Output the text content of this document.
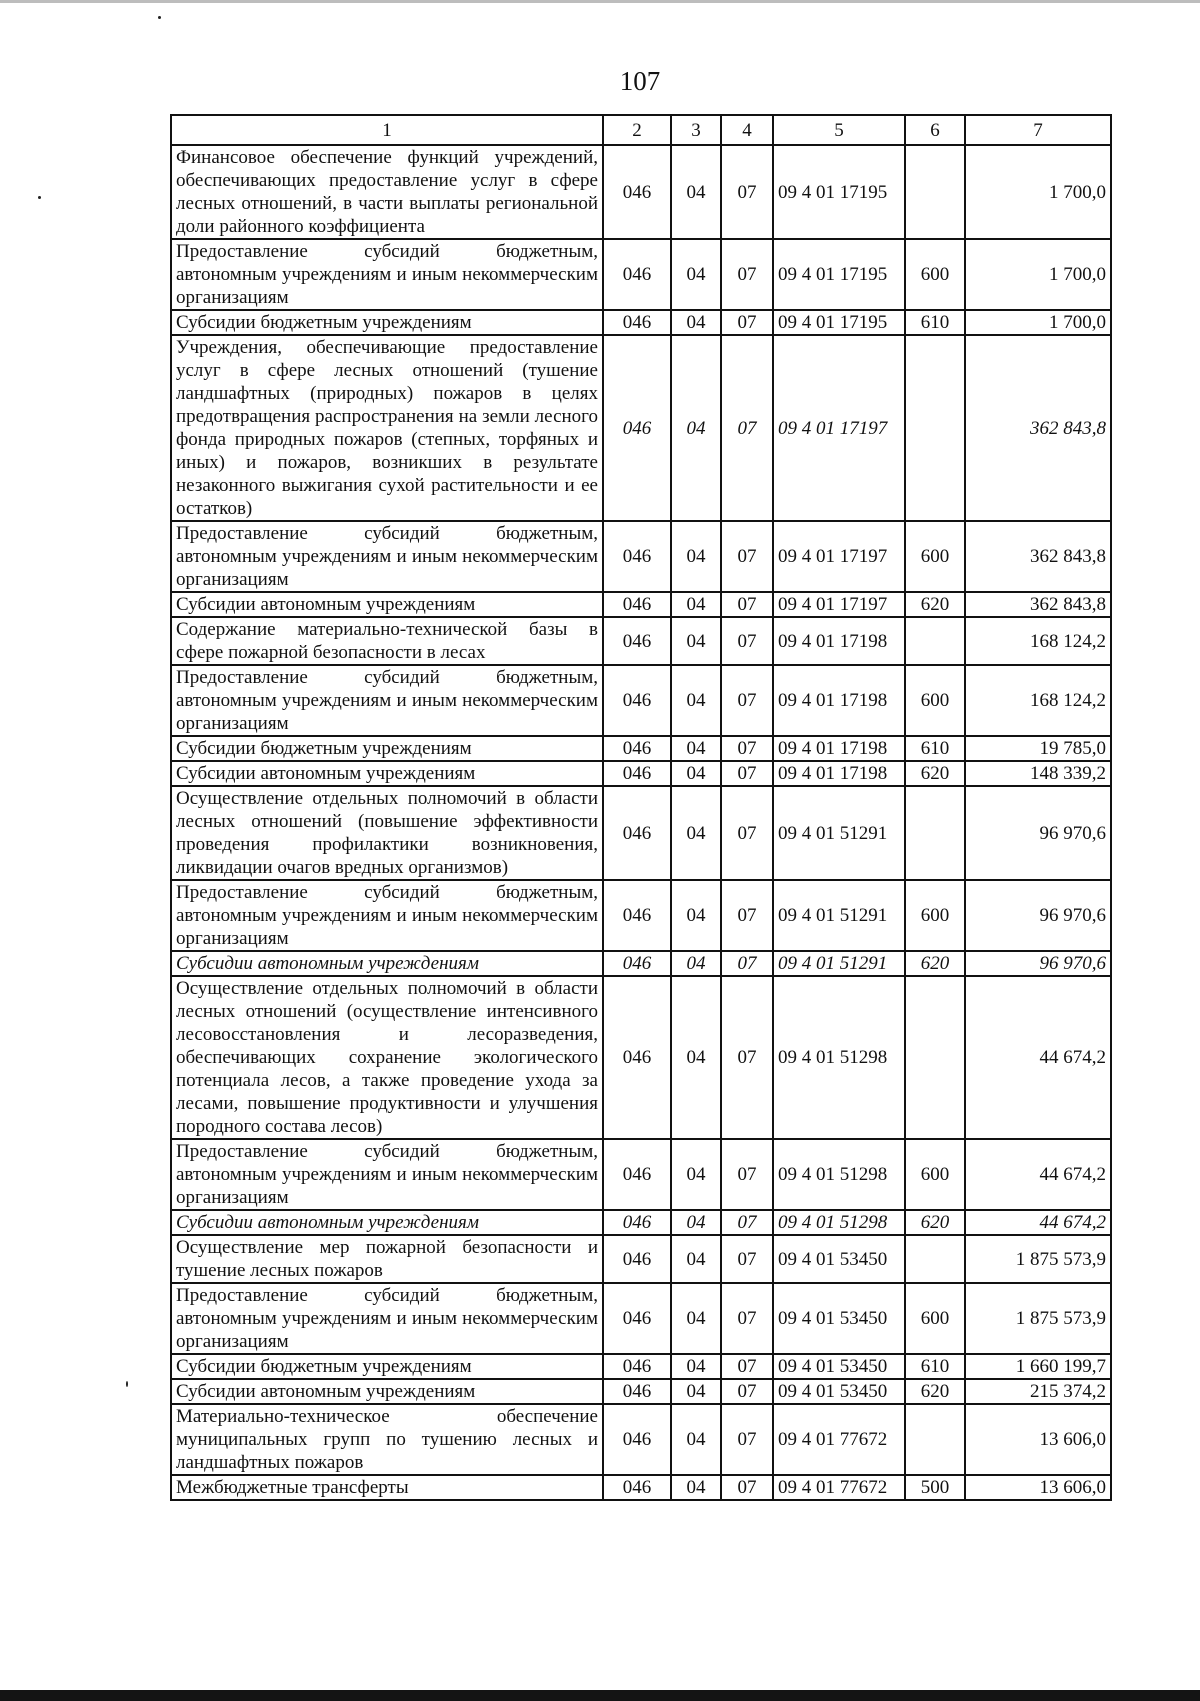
107
1	2	3	4	5	6	7
Финансовое обеспечение функций учреждений, обеспечивающих предоставление услуг в сфере лесных отношений, в части выплаты региональной доли районного коэффициента	046	04	07	09 4 01 17195		1 700,0
Предоставление субсидий бюджетным, автономным учреждениям и иным некоммерческим организациям	046	04	07	09 4 01 17195	600	1 700,0
Субсидии бюджетным учреждениям	046	04	07	09 4 01 17195	610	1 700,0
Учреждения, обеспечивающие предоставление услуг в сфере лесных отношений (тушение ландшафтных (природных) пожаров в целях предотвращения распространения на земли лесного фонда природных пожаров (степных, торфяных и иных) и пожаров, возникших в результате незаконного выжигания сухой растительности и ее остатков)	046	04	07	09 4 01 17197		362 843,8
Предоставление субсидий бюджетным, автономным учреждениям и иным некоммерческим организациям	046	04	07	09 4 01 17197	600	362 843,8
Субсидии автономным учреждениям	046	04	07	09 4 01 17197	620	362 843,8
Содержание материально-технической базы в сфере пожарной безопасности в лесах	046	04	07	09 4 01 17198		168 124,2
Предоставление субсидий бюджетным, автономным учреждениям и иным некоммерческим организациям	046	04	07	09 4 01 17198	600	168 124,2
Субсидии бюджетным учреждениям	046	04	07	09 4 01 17198	610	19 785,0
Субсидии автономным учреждениям	046	04	07	09 4 01 17198	620	148 339,2
Осуществление отдельных полномочий в области лесных отношений (повышение эффективности проведения профилактики возникновения, ликвидации очагов вредных организмов)	046	04	07	09 4 01 51291		96 970,6
Предоставление субсидий бюджетным, автономным учреждениям и иным некоммерческим организациям	046	04	07	09 4 01 51291	600	96 970,6
Субсидии автономным учреждениям	046	04	07	09 4 01 51291	620	96 970,6
Осуществление отдельных полномочий в области лесных отношений (осуществление интенсивного лесовосстановления и лесоразведения, обеспечивающих сохранение экологического потенциала лесов, а также проведение ухода за лесами, повышение продуктивности и улучшения породного состава лесов)	046	04	07	09 4 01 51298		44 674,2
Предоставление субсидий бюджетным, автономным учреждениям и иным некоммерческим организациям	046	04	07	09 4 01 51298	600	44 674,2
Субсидии автономным учреждениям	046	04	07	09 4 01 51298	620	44 674,2
Осуществление мер пожарной безопасности и тушение лесных пожаров	046	04	07	09 4 01 53450		1 875 573,9
Предоставление субсидий бюджетным, автономным учреждениям и иным некоммерческим организациям	046	04	07	09 4 01 53450	600	1 875 573,9
Субсидии бюджетным учреждениям	046	04	07	09 4 01 53450	610	1 660 199,7
Субсидии автономным учреждениям	046	04	07	09 4 01 53450	620	215 374,2
Материально-техническое обеспечение муниципальных групп по тушению лесных и ландшафтных пожаров	046	04	07	09 4 01 77672		13 606,0
Межбюджетные трансферты	046	04	07	09 4 01 77672	500	13 606,0
